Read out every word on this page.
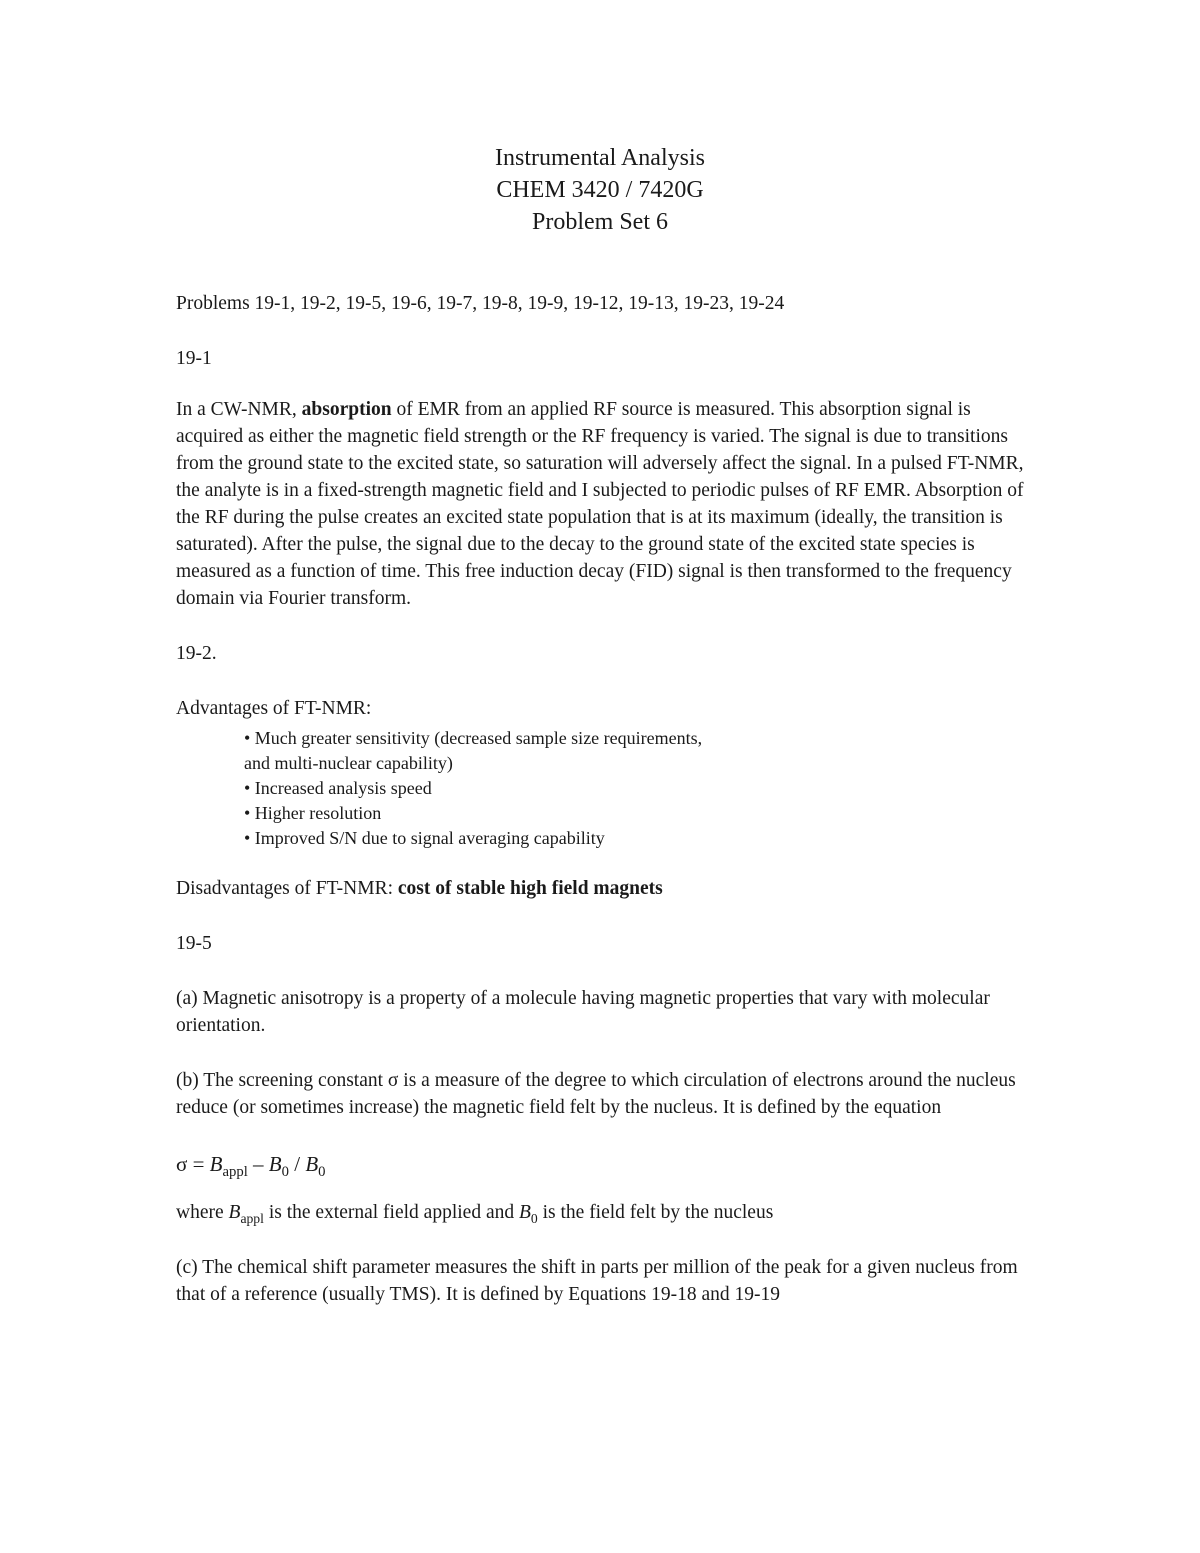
Instrumental Analysis
CHEM 3420 / 7420G
Problem Set 6

Problems 19-1, 19-2, 19-5, 19-6, 19-7, 19-8, 19-9, 19-12, 19-13, 19-23, 19-24

19-1

In a CW-NMR, absorption of EMR from an applied RF source is measured. This absorption signal is acquired as either the magnetic field strength or the RF frequency is varied. The signal is due to transitions from the ground state to the excited state, so saturation will adversely affect the signal. In a pulsed FT-NMR, the analyte is in a fixed-strength magnetic field and I subjected to periodic pulses of RF EMR. Absorption of the RF during the pulse creates an excited state population that is at its maximum (ideally, the transition is saturated). After the pulse, the signal due to the decay to the ground state of the excited state species is measured as a function of time. This free induction decay (FID) signal is then transformed to the frequency domain via Fourier transform.

19-2.

Advantages of FT-NMR:

• Much greater sensitivity (decreased sample size requirements,
and multi-nuclear capability)
• Increased analysis speed
• Higher resolution
• Improved S/N due to signal averaging capability

Disadvantages of FT-NMR: cost of stable high field magnets

19-5

(a) Magnetic anisotropy is a property of a molecule having magnetic properties that vary with molecular orientation.

(b) The screening constant σ is a measure of the degree to which circulation of electrons around the nucleus reduce (or sometimes increase) the magnetic field felt by the nucleus. It is defined by the equation

$\sigma = B_{appl} - B_0 / B_0$

where $B_{appl}$ is the external field applied and $B_0$ is the field felt by the nucleus

(c) The chemical shift parameter measures the shift in parts per million of the peak for a given nucleus from that of a reference (usually TMS). It is defined by Equations 19-18 and 19-19
